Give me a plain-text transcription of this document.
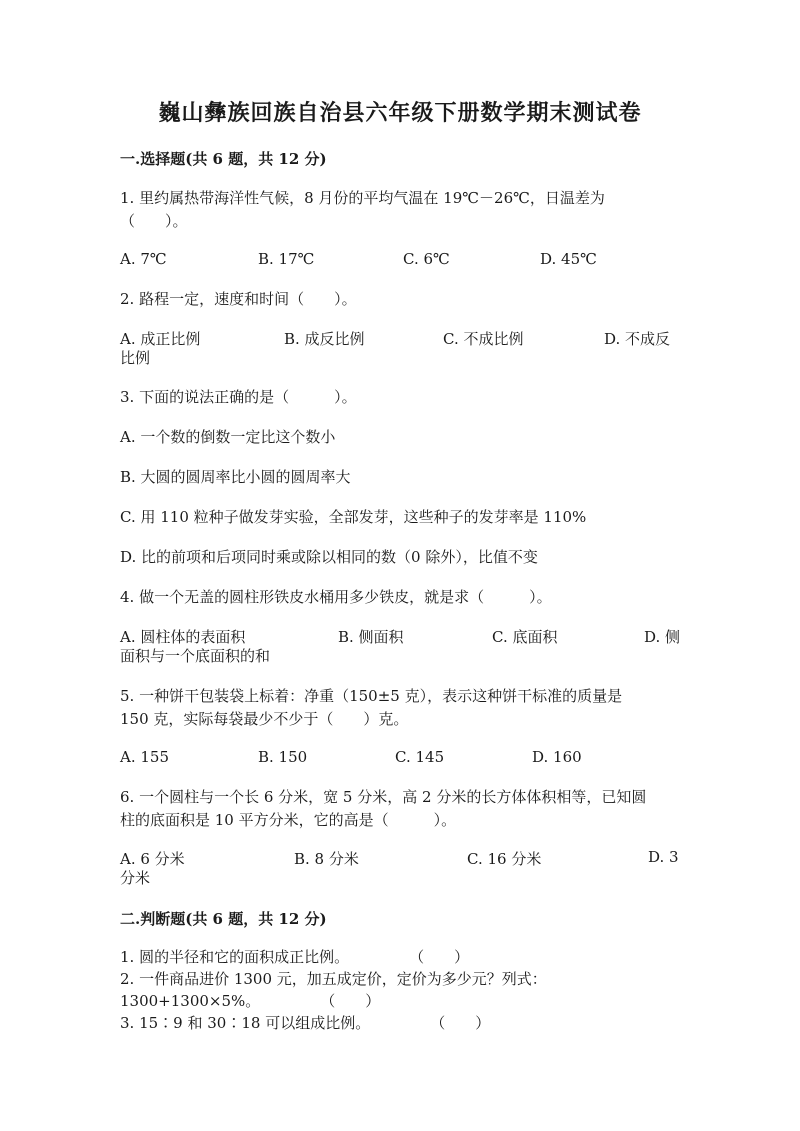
巍山彝族回族自治县六年级下册数学期末测试卷
一.选择题(共 6 题，共 12 分)
1. 里约属热带海洋性气候，8 月份的平均气温在 19℃－26℃，日温差为
（　　）。
A. 7℃	B. 17℃	C. 6℃	D. 45℃
2. 路程一定，速度和时间（　　）。
A. 成正比例	B. 成反比例	C. 不成比例	D. 不成反
比例
3. 下面的说法正确的是（　　　）。
A. 一个数的倒数一定比这个数小
B. 大圆的圆周率比小圆的圆周率大
C. 用 110 粒种子做发芽实验，全部发芽，这些种子的发芽率是 110%
D. 比的前项和后项同时乘或除以相同的数（0 除外），比值不变
4. 做一个无盖的圆柱形铁皮水桶用多少铁皮，就是求（　　　）。
A. 圆柱体的表面积	B. 侧面积	C. 底面积	D. 侧
面积与一个底面积的和
5. 一种饼干包装袋上标着：净重（150±5 克），表示这种饼干标准的质量是
150 克，实际每袋最少不少于（　　）克。
A. 155	B. 150	C. 145	D. 160
6. 一个圆柱与一个长 6 分米，宽 5 分米，高 2 分米的长方体体积相等，已知圆
柱的底面积是 10 平方分米，它的高是（　　　）。
A. 6 分米	B. 8 分米	C. 16 分米	D. 3
分米
二.判断题(共 6 题，共 12 分)
1. 圆的半径和它的面积成正比例。　　　　　（　　）
2. 一件商品进价 1300 元，加五成定价，定价为多少元？列式：
1300+1300×5%。　　　　　（　　）
3. 15∶9 和 30∶18 可以组成比例。　　　　　（　　）
